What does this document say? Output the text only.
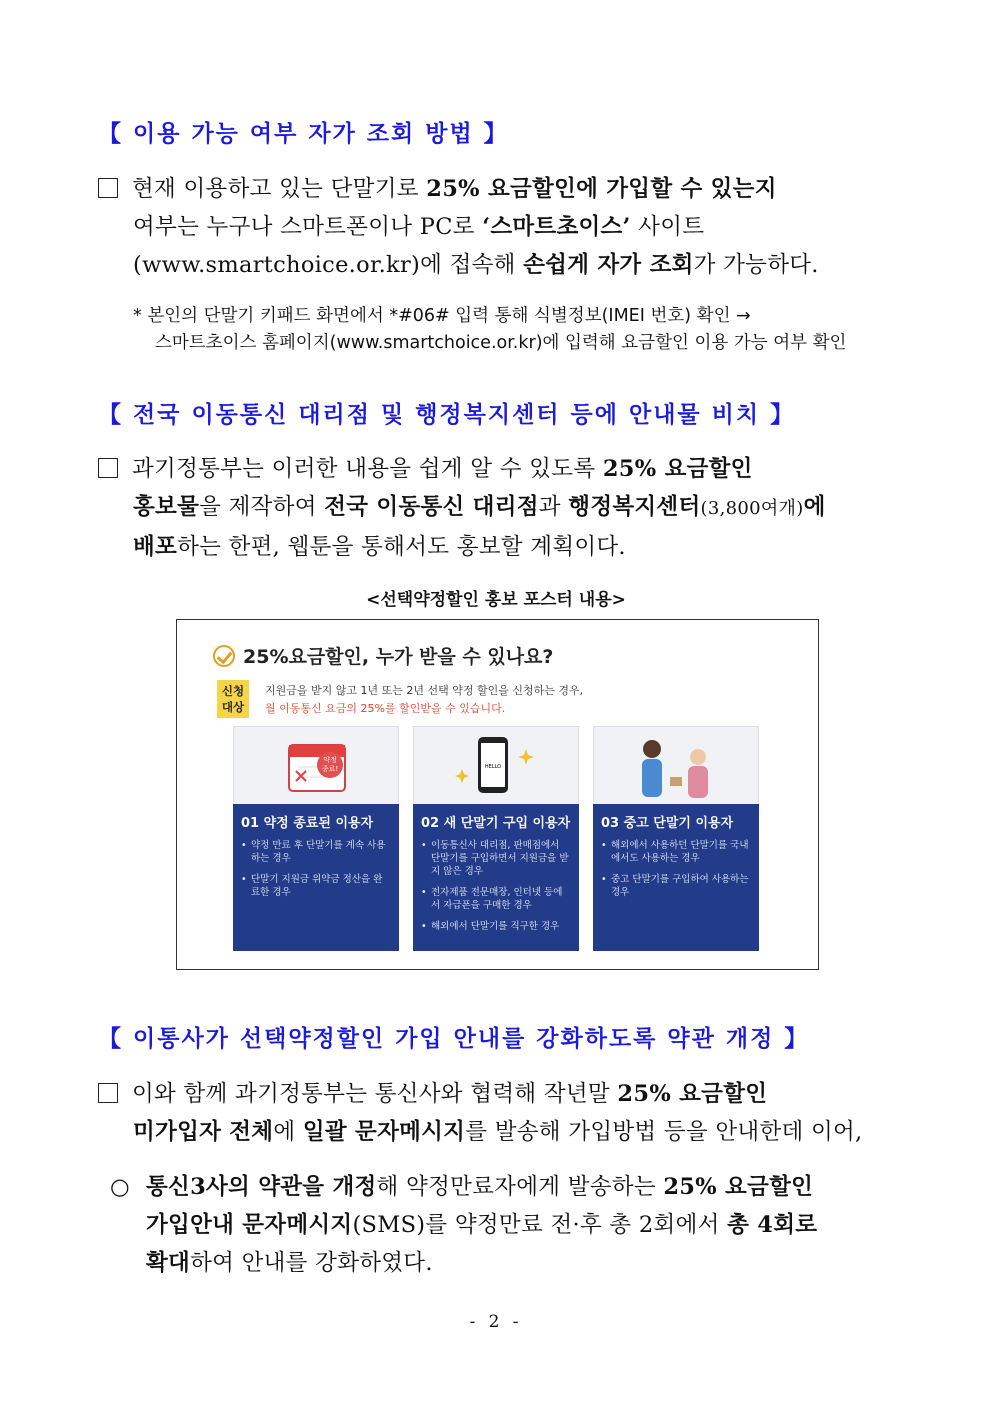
【 이용 가능 여부 자가 조회 방법 】
현재 이용하고 있는 단말기로 25% 요금할인에 가입할 수 있는지
여부는 누구나 스마트폰이나 PC로 ‘스마트초이스’ 사이트
(www.smartchoice.or.kr)에 접속해 손쉽게 자가 조회가 가능하다.
* 본인의 단말기 키패드 화면에서 *#06# 입력 통해 식별정보(IMEI 번호) 확인 →
스마트초이스 홈페이지(www.smartchoice.or.kr)에 입력해 요금할인 이용 가능 여부 확인
【 전국 이동통신 대리점 및 행정복지센터 등에 안내물 비치 】
과기정통부는 이러한 내용을 쉽게 알 수 있도록 25% 요금할인
홍보물을 제작하여 전국 이동통신 대리점과 행정복지센터(3,800여개)에
배포하는 한편, 웹툰을 통해서도 홍보할 계획이다.
<선택약정할인 홍보 포스터 내용>
25%요금할인, 누가 받을 수 있나요?
신청
대상
지원금을 받지 않고 1년 또는 2년 선택 약정 할인을 신청하는 경우,
월 이동통신 요금의 25%를 할인받을 수 있습니다.
약정
종료!
01 약정 종료된 이용자
• 약정 만료 후 단말기를 계속 사용하는 경우
• 단말기 지원금 위약금 정산을 완료한 경우
HELLO
02 새 단말기 구입 이용자
• 이동통신사 대리점, 판매점에서 단말기를 구입하면서 지원금을 받지 않은 경우
• 전자제품 전문매장, 인터넷 등에서 자급폰을 구매한 경우
• 해외에서 단말기를 직구한 경우
03 중고 단말기 이용자
• 해외에서 사용하던 단말기를 국내에서도 사용하는 경우
• 중고 단말기를 구입하여 사용하는 경우
【 이통사가 선택약정할인 가입 안내를 강화하도록 약관 개정 】
이와 함께 과기정통부는 통신사와 협력해 작년말 25% 요금할인
미가입자 전체에 일괄 문자메시지를 발송해 가입방법 등을 안내한데 이어,
○ 통신3사의 약관을 개정해 약정만료자에게 발송하는 25% 요금할인
가입안내 문자메시지(SMS)를 약정만료 전·후 총 2회에서 총 4회로
확대하여 안내를 강화하였다.
- 2 -
